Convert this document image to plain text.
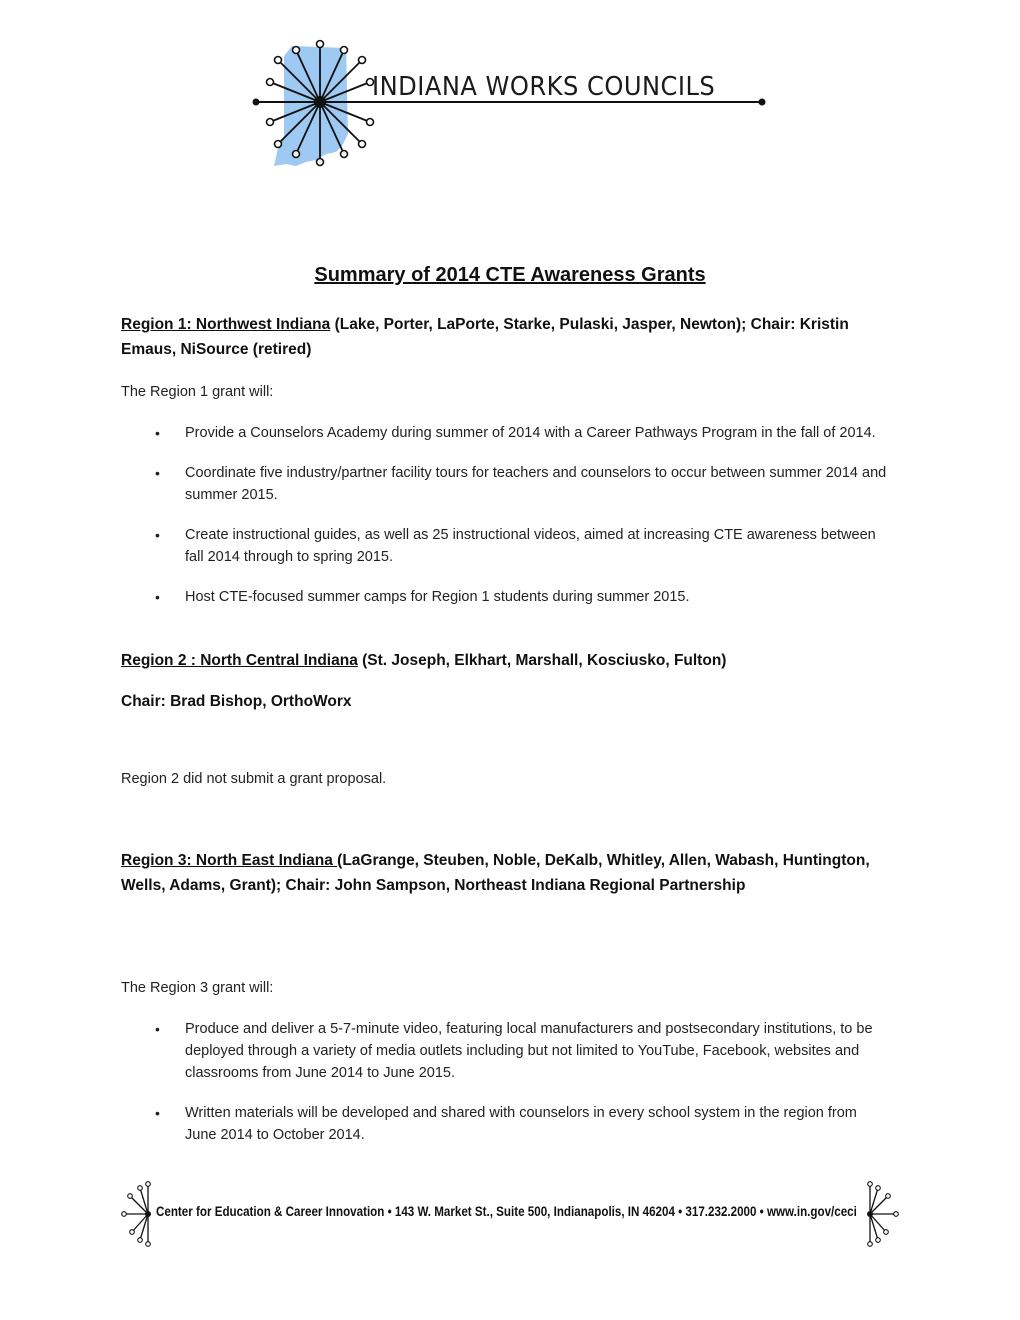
INDIANA WORKS COUNCILS
Summary of 2014 CTE Awareness Grants
Region 1: Northwest Indiana (Lake, Porter, LaPorte, Starke, Pulaski, Jasper, Newton); Chair: Kristin Emaus, NiSource (retired)
The Region 1 grant will:
• Provide a Counselors Academy during summer of 2014 with a Career Pathways Program in the fall of 2014.
• Coordinate five industry/partner facility tours for teachers and counselors to occur between summer 2014 and summer 2015.
• Create instructional guides, as well as 25 instructional videos, aimed at increasing CTE awareness between fall 2014 through to spring 2015.
• Host CTE-focused summer camps for Region 1 students during summer 2015.
Region 2 : North Central Indiana (St. Joseph, Elkhart, Marshall, Kosciusko, Fulton)
Chair: Brad Bishop, OrthoWorx
Region 2 did not submit a grant proposal.
Region 3: North East Indiana (LaGrange, Steuben, Noble, DeKalb, Whitley, Allen, Wabash, Huntington, Wells, Adams, Grant); Chair: John Sampson, Northeast Indiana Regional Partnership
The Region 3 grant will:
• Produce and deliver a 5-7-minute video, featuring local manufacturers and postsecondary institutions, to be deployed through a variety of media outlets including but not limited to YouTube, Facebook, websites and classrooms from June 2014 to June 2015.
• Written materials will be developed and shared with counselors in every school system in the region from June 2014 to October 2014.
Center for Education & Career Innovation • 143 W. Market St., Suite 500, Indianapolis, IN 46204 • 317.232.2000 • www.in.gov/ceci
